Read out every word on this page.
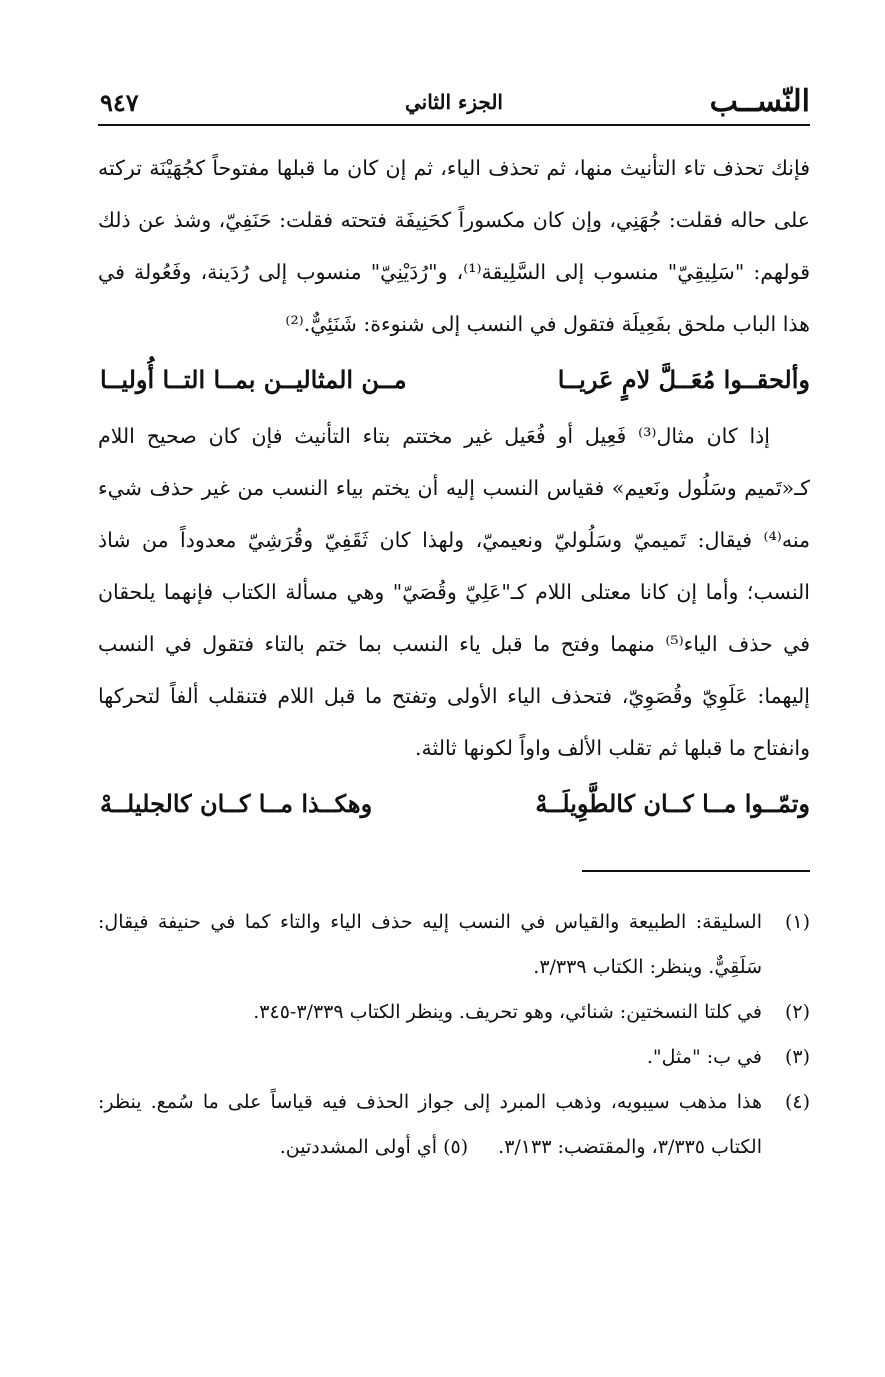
النّســب
الجزء الثاني
٩٤٧

فإنك تحذف تاء التأنيث منها، ثم تحذف الياء، ثم إن كان ما قبلها مفتوحاً كجُهَيْنَة تركته على حاله فقلت: جُهَنِي، وإن كان مكسوراً كحَنِيفَة فتحته فقلت: حَنَفِيّ، وشذ عن ذلك قولهم: "سَلِيقِيّ" منسوب إلى السَّلِيقة⁽¹⁾، و"رُدَيْنِيّ" منسوب إلى رُدَينة، وفَعُولة في هذا الباب ملحق بفَعِيلَة فتقول في النسب إلى شنوءة: شَنَئِيٌّ.⁽²⁾

وألحقــوا مُعَــلَّ لامٍ عَريــا
مــن المثاليــن بمــا التــا أُوليــا

إذا كان مثال⁽³⁾ فَعِيل أو فُعَيل غير مختتم بتاء التأنيث فإن كان صحيح اللام كـ«تَميم وسَلُول ونَعيم» فقياس النسب إليه أن يختم بياء النسب من غير حذف شيء منه⁽⁴⁾ فيقال: تَميميّ وسَلُوليّ ونعيميّ، ولهذا كان ثَقَفِيّ وقُرَشِيّ معدوداً من شاذ النسب؛ وأما إن كانا معتلى اللام كـ"عَلِيّ وقُصَيّ" وهي مسألة الكتاب فإنهما يلحقان في حذف الياء⁽⁵⁾ منهما وفتح ما قبل ياء النسب بما ختم بالتاء فتقول في النسب إليهما: عَلَوِيّ وقُصَوِيّ، فتحذف الياء الأولى وتفتح ما قبل اللام فتنقلب ألفاً لتحركها وانفتاح ما قبلها ثم تقلب الألف واواً لكونها ثالثة.

وتمّــوا مــا كــان كالطَّوِيلَــهْ
وهكــذا مــا كــان كالجليلــهْ
(١)
السليقة: الطبيعة والقياس في النسب إليه حذف الياء والتاء كما في حنيفة فيقال: سَلَقِيٌّ. وينظر: الكتاب ٣/٣٣٩.
(٢)
في كلتا النسختين: شنائي، وهو تحريف. وينظر الكتاب ٣/٣٣٩-٣٤٥.
(٣)
في ب: "مثل".
(٤)
هذا مذهب سيبويه، وذهب المبرد إلى جواز الحذف فيه قياساً على ما سُمع. ينظر: الكتاب ٣/٣٣٥، والمقتضب: ٣/١٣٣.(٥) أي أولى المشددتين.
